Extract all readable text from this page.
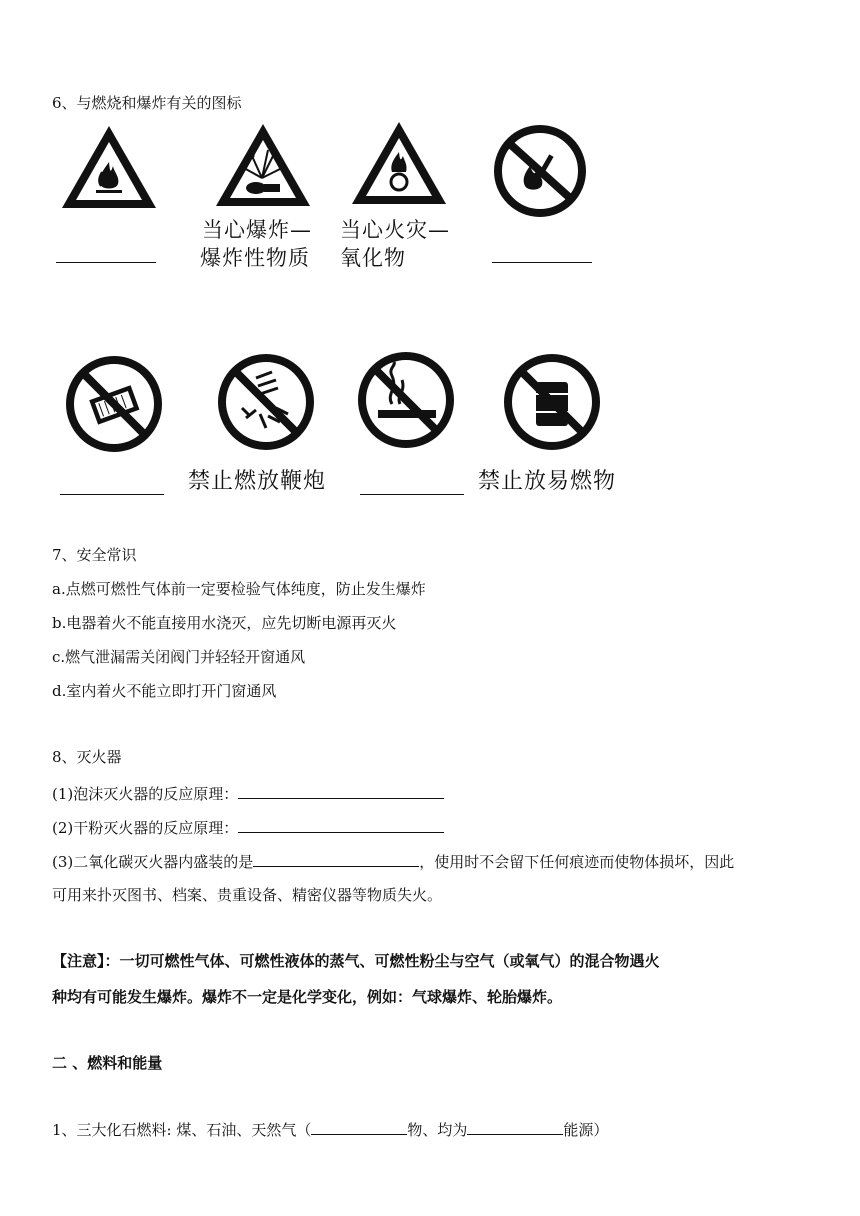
6、与燃烧和爆炸有关的图标
当心爆炸—
爆炸性物质
当心火灾—
氧化物
禁止燃放鞭炮	禁止放易燃物
7、安全常识
a.点燃可燃性气体前一定要检验气体纯度，防止发生爆炸
b.电器着火不能直接用水浇灭，应先切断电源再灭火
c.燃气泄漏需关闭阀门并轻轻开窗通风
d.室内着火不能立即打开门窗通风
8、灭火器
(1)泡沫灭火器的反应原理：
(2)干粉灭火器的反应原理：
(3)二氧化碳灭火器内盛装的是	，使用时不会留下任何痕迹而使物体损坏，因此
可用来扑灭图书、档案、贵重设备、精密仪器等物质失火。
【注意】：一切可燃性气体、可燃性液体的蒸气、可燃性粉尘与空气（或氧气）的混合物遇火
种均有可能发生爆炸。爆炸不一定是化学变化，例如：气球爆炸、轮胎爆炸。
二 、燃料和能量
1、三大化石燃料: 煤、石油、天然气（	物、均为	能源）
